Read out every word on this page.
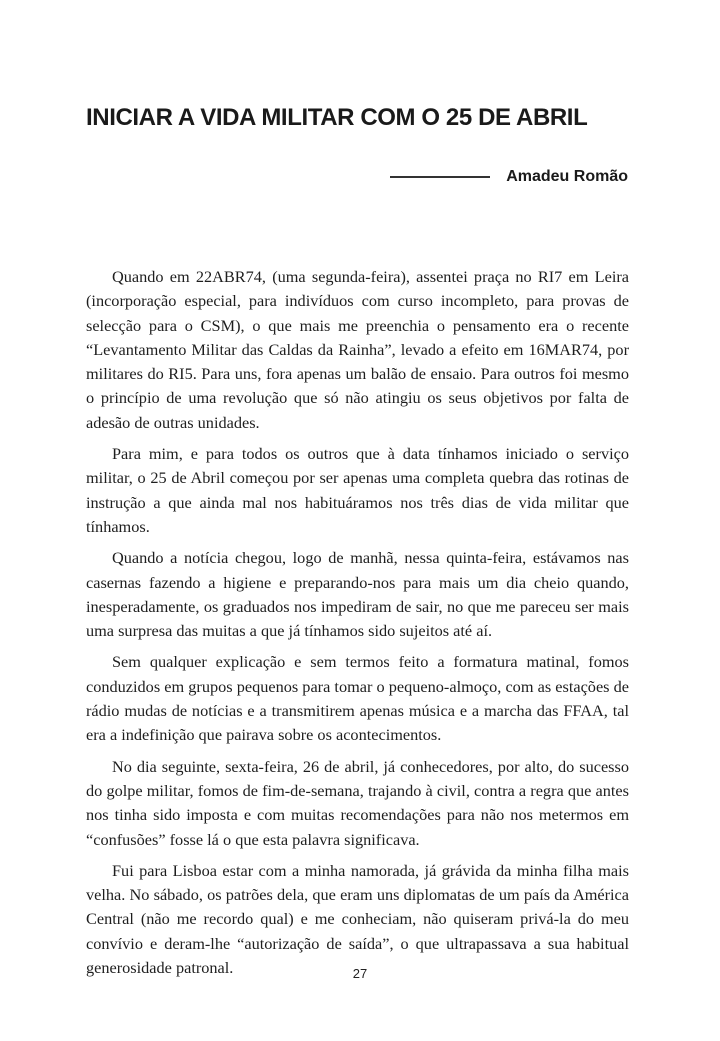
INICIAR A VIDA MILITAR COM O 25 DE ABRIL
Amadeu Romão

Quando em 22ABR74, (uma segunda-feira), assentei praça no RI7 em Leira (incorporação especial, para indivíduos com curso incompleto, para provas de selecção para o CSM), o que mais me preenchia o pensamento era o recente “Levantamento Militar das Caldas da Rainha”, levado a efeito em 16MAR74, por militares do RI5. Para uns, fora apenas um balão de ensaio. Para outros foi mesmo o princípio de uma revolução que só não atingiu os seus objetivos por falta de adesão de outras unidades.

Para mim, e para todos os outros que à data tínhamos iniciado o serviço militar, o 25 de Abril começou por ser apenas uma completa quebra das rotinas de instrução a que ainda mal nos habituáramos nos três dias de vida militar que tínhamos.

Quando a notícia chegou, logo de manhã, nessa quinta-feira, estávamos nas casernas fazendo a higiene e preparando-nos para mais um dia cheio quando, inesperadamente, os graduados nos impediram de sair, no que me pareceu ser mais uma surpresa das muitas a que já tínhamos sido sujeitos até aí.

Sem qualquer explicação e sem termos feito a formatura matinal, fomos conduzidos em grupos pequenos para tomar o pequeno-almoço, com as estações de rádio mudas de notícias e a transmitirem apenas música e a marcha das FFAA, tal era a indefinição que pairava sobre os acontecimentos.

No dia seguinte, sexta-feira, 26 de abril, já conhecedores, por alto, do sucesso do golpe militar, fomos de fim-de-semana, trajando à civil, contra a regra que antes nos tinha sido imposta e com muitas recomendações para não nos metermos em “confusões” fosse lá o que esta palavra significava.

Fui para Lisboa estar com a minha namorada, já grávida da minha filha mais velha. No sábado, os patrões dela, que eram uns diplomatas de um país da América Central (não me recordo qual) e me conheciam, não quiseram privá-la do meu convívio e deram-lhe “autorização de saída”, o que ultrapassava a sua habitual generosidade patronal.	27
